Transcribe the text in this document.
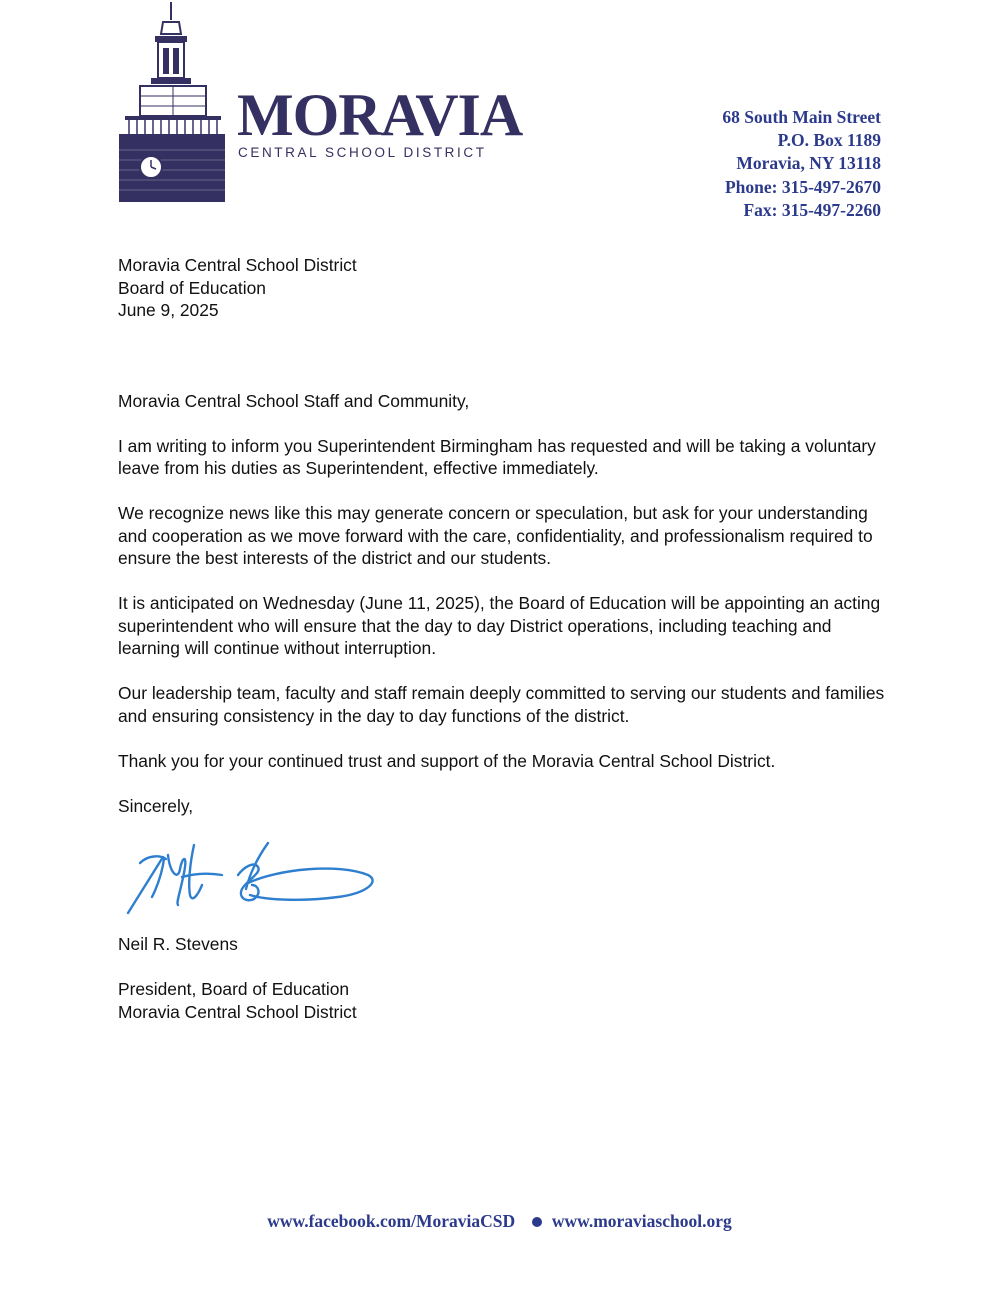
MORAVIA
CENTRAL SCHOOL DISTRICT
68 South Main Street
P.O. Box 1189
Moravia, NY 13118
Phone: 315-497-2670
Fax: 315-497-2260

Moravia Central School District
Board of Education
June 9, 2025

Moravia Central School Staff and Community,

I am writing to inform you Superintendent Birmingham has requested and will be taking a voluntary leave from his duties as Superintendent, effective immediately.

We recognize news like this may generate concern or speculation, but ask for your understanding and cooperation as we move forward with the care, confidentiality, and professionalism required to ensure the best interests of the district and our students.

It is anticipated on Wednesday (June 11, 2025), the Board of Education will be appointing an acting superintendent who will ensure that the day to day District operations, including teaching and learning will continue without interruption.

Our leadership team, faculty and staff remain deeply committed to serving our students and families and ensuring consistency in the day to day functions of the district.

Thank you for your continued trust and support of the Moravia Central School District.

Sincerely,

Neil R. Stevens

President, Board of Education

Moravia Central School District

www.facebook.com/MoraviaCSD www.moraviaschool.org
